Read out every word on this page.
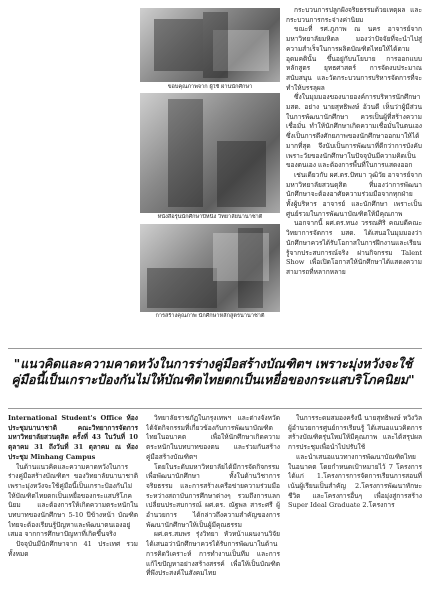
ขอบคุณภาพจาก ผู้ใช้ ผ่านนักศึกษา
หนังสือรุ่นนักศึกษาปีหนึ่ง วิทยาลัยนานาชาติ
การสร้างคุณภาพ นักศึกษาหลักสูตรนานาชาติ

กระบวนการปลูกฝังจริยธรรมด้วยเหตุผล และกระบวนการกระจ่างค่านิยม

ขณะที่ รศ.ภูภาพ ณ นคร อาจารย์จากมหาวิทยาลัยมหิดล มองว่าปัจจัยที่จะนำไปสู่ความสำเร็จในการผลิตบัณฑิตไทยให้ได้ตามอุดมคตินั้น ขึ้นอยู่กับนโยบาย การออกแบบหลักสูตร ยุทธศาสตร์ การจัดงบประมาณ สนับสนุน และวัดกระบวนการบริหารจัดการที่จะทำให้บรรลุผล

ซึ่งในมุมมองของนายองค์การบริหารนักศึกษา มสด. อย่าง นายสุทธิพงษ์ อ้วนดี เห็นว่าผู้มีส่วนในการพัฒนานักศึกษา ควรเป็นผู้ที่สร้างความเชื่อมั่น ทำให้นักศึกษาเกิดความเชื่อมั่นในตนเอง ซึ่งเป็นการดึงศักยภาพของนักศึกษาออกมาให้ได้มากที่สุด จึงนับเป็นการพัฒนาที่ดีกว่าการบังคับ เพราะวัยของนักศึกษาในปัจจุบันมีความคิดเป็นของตนเอง และต้องการพื้นที่ในการแสดงออก

เช่นเดียวกับ ผศ.ดร.ปัทมา วุฒิวัย อาจารย์จากมหาวิทยาลัยสวนดุสิต ที่มองว่าการพัฒนานักศึกษาจะต้องอาศัยความร่วมมือจากทุกฝ่าย ทั้งผู้บริหาร อาจารย์ และนักศึกษา เพราะเป็นศูนย์รวมในการพัฒนาบัณฑิตให้มีคุณภาพ

นอกจากนี้ ผศ.ดร.ทนง วรรณศิริ คณบดีคณะวิทยาการจัดการ มสด. ได้เสนอในมุมมองว่า นักศึกษาควรได้รับโอกาสในการฝึกงานและเรียนรู้จากประสบการณ์จริง ผ่านกิจกรรม Talent Show เพื่อเปิดโอกาสให้นักศึกษาได้แสดงความสามารถที่หลากหลาย

"แนวคิดและความคาดหวังในการร่างคู่มือสร้างบัณฑิตฯ เพราะมุ่งหวังจะใช้คู่มือนี้เป็นเกราะป้องกันไม่ให้บัณฑิตไทยตกเป็นเหยื่อของกระแสบริโภคนิยม"

International Student's Office ห้องประชุมนานาชาติ คณะวิทยาการจัดการ มหาวิทยาลัยสวนดุสิต ครั้งที่ 43 ในวันที่ 10 ตุลาคม 31 ถึงวันที่ 31 ตุลาคม ณ ห้องประชุม Minhang Campus

ในด้านแนวคิดและความคาดหวังในการร่างคู่มือสร้างบัณฑิตฯ ของวิทยาลัยนานาชาติ เพราะมุ่งหวังจะใช้คู่มือนี้เป็นเกราะป้องกันไม่ให้บัณฑิตไทยตกเป็นเหยื่อของกระแสบริโภคนิยม และต้องการให้เกิดความตระหนักในบทบาทของนักศึกษา 5-10 ปีข้างหน้า บัณฑิตไทยจะต้องเรียนรู้ปัญหาและพัฒนาตนเองอยู่เสมอ จากการศึกษาปัญหาที่เกิดขึ้นจริง

ปัจจุบันมีนักศึกษาจาก 41 ประเทศ รวมทั้งหมด

วิทยาลัยราชภัฏในกรุงเทพฯ และต่างจังหวัด ได้จัดกิจกรรมที่เกี่ยวข้องกับการพัฒนาบัณฑิตไทยในอนาคต เพื่อให้นักศึกษาเกิดความตระหนักในบทบาทของตน และร่วมกันสร้างคู่มือสร้างบัณฑิตฯ

โดยในระดับมหาวิทยาลัยได้มีการจัดกิจกรรมเพื่อพัฒนานักศึกษา ทั้งในด้านวิชาการ จริยธรรม และการสร้างเครือข่ายความร่วมมือ ระหว่างสถาบันการศึกษาต่างๆ รวมถึงการแลกเปลี่ยนประสบการณ์ ผศ.ดร. ณัฐพล สาระศรี ผู้อำนวยการ ได้กล่าวถึงความสำคัญของการพัฒนานักศึกษาให้เป็นผู้มีคุณธรรม

ผศ.ดร.สมพร รุ่งวิทยา หัวหน้าแผนงานวิจัย ได้เสนอว่านักศึกษาควรได้รับการพัฒนาในด้านการคิดวิเคราะห์ การทำงานเป็นทีม และการแก้ไขปัญหาอย่างสร้างสรรค์ เพื่อให้เป็นบัณฑิตที่พึงประสงค์ในสังคมไทย

ในการระดมสมองครั้งนี้ นายสุทธิพงษ์ หวิงวิล ผู้อำนวยการศูนย์การเรียนรู้ ได้เสนอแนวคิดการสร้างบัณฑิตรุ่นใหม่ให้มีคุณภาพ และได้สรุปผลการประชุมเพื่อนำไปปรับใช้

และนำเสนอแนวทางการพัฒนาบัณฑิตไทยในอนาคต โดยกำหนดเป้าหมายไว้ 7 โครงการ ได้แก่ 1.โครงการการจัดการเรียนการสอนที่เน้นผู้เรียนเป็นสำคัญ 2.โครงการพัฒนาทักษะชีวิต และโครงการอื่นๆ เพื่อมุ่งสู่การสร้าง Super Ideal Graduate 2.โครงการ
